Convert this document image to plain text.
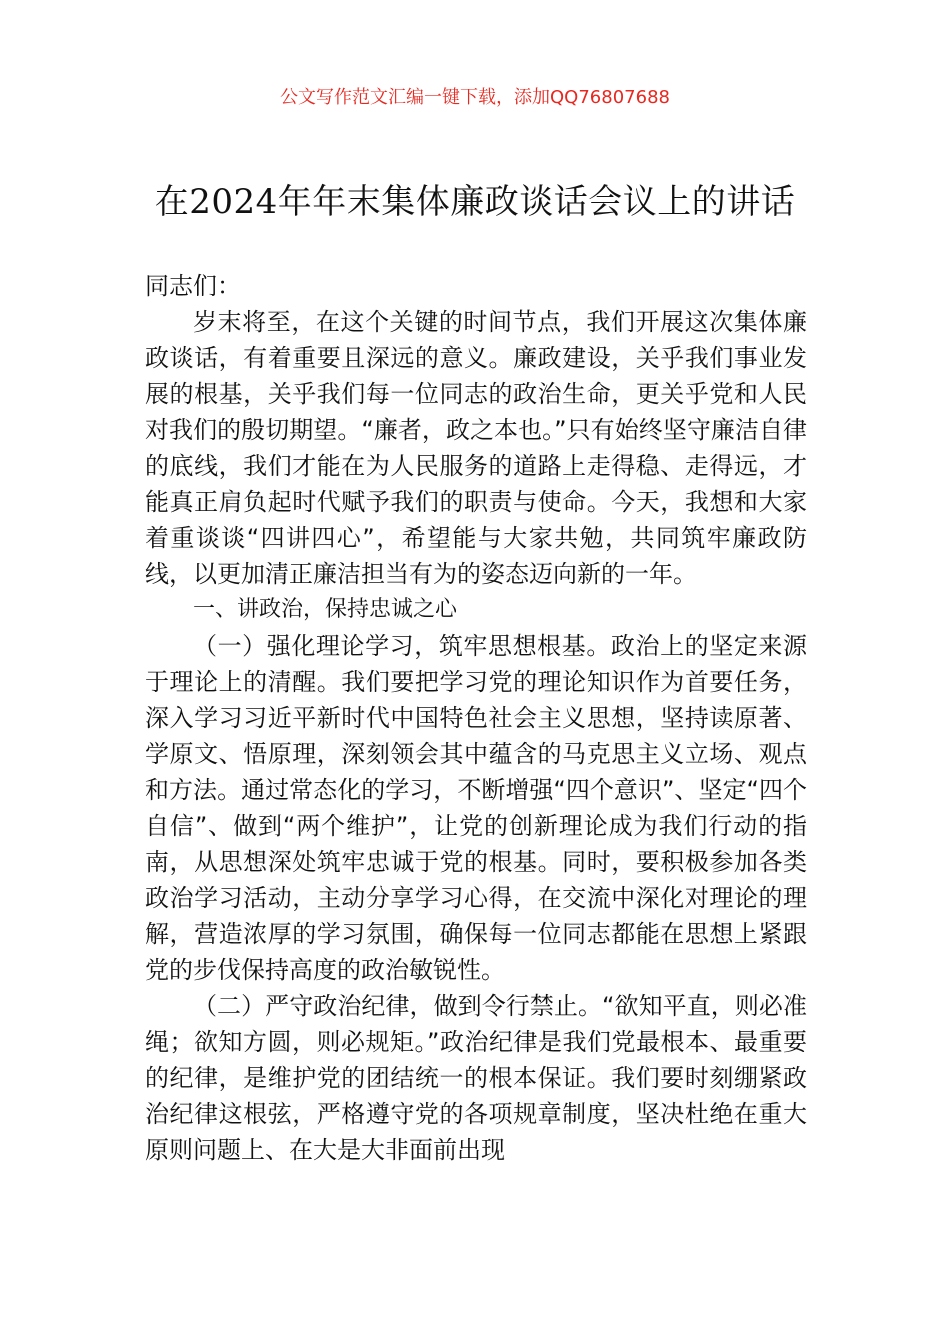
公文写作范文汇编一键下载，添加QQ76807688
在2024年年末集体廉政谈话会议上的讲话

同志们：

岁末将至，在这个关键的时间节点，我们开展这次集体廉政谈话，有着重要且深远的意义。廉政建设，关乎我们事业发展的根基，关乎我们每一位同志的政治生命，更关乎党和人民对我们的殷切期望。“廉者，政之本也。”只有始终坚守廉洁自律的底线，我们才能在为人民服务的道路上走得稳、走得远，才能真正肩负起时代赋予我们的职责与使命。今天，我想和大家着重谈谈“四讲四心”，希望能与大家共勉，共同筑牢廉政防线，以更加清正廉洁担当有为的姿态迈向新的一年。

一、讲政治，保持忠诚之心

（一）强化理论学习，筑牢思想根基。政治上的坚定来源于理论上的清醒。我们要把学习党的理论知识作为首要任务，深入学习习近平新时代中国特色社会主义思想，坚持读原著、学原文、悟原理，深刻领会其中蕴含的马克思主义立场、观点和方法。通过常态化的学习，不断增强“四个意识”、坚定“四个自信”、做到“两个维护”，让党的创新理论成为我们行动的指南，从思想深处筑牢忠诚于党的根基。同时，要积极参加各类政治学习活动，主动分享学习心得，在交流中深化对理论的理解，营造浓厚的学习氛围，确保每一位同志都能在思想上紧跟党的步伐保持高度的政治敏锐性。

（二）严守政治纪律，做到令行禁止。“欲知平直，则必准绳；欲知方圆，则必规矩。”政治纪律是我们党最根本、最重要的纪律，是维护党的团结统一的根本保证。我们要时刻绷紧政治纪律这根弦，严格遵守党的各项规章制度，坚决杜绝在重大原则问题上、在大是大非面前出现
